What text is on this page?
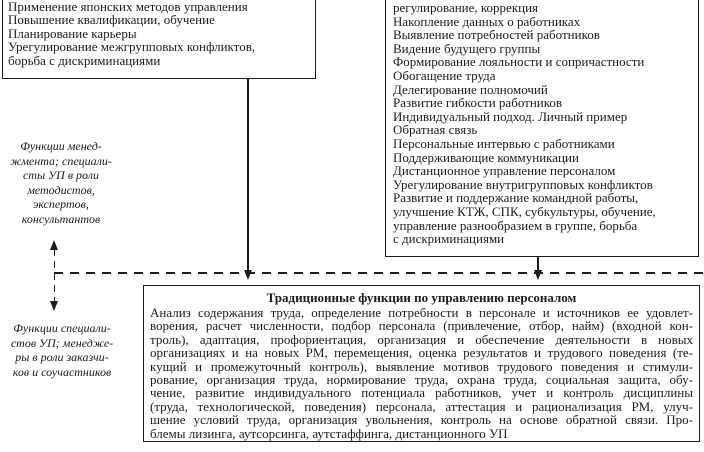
Применение японских методов управления
Повышение квалификации, обучение
Планирование карьеры
Урегулирование межгрупповых конфликтов,
борьба с дискриминациями
регулирование, коррекция
Накопление данных о работниках
Выявление потребностей работников
Видение будущего группы
Формирование лояльности и сопричастности
Обогащение труда
Делегирование полномочий
Развитие гибкости работников
Индивидуальный подход. Личный пример
Обратная связь
Персональные интервью с работниками
Поддерживающие коммуникации
Дистанционное управление персоналом
Урегулирование внутригрупповых конфликтов
Развитие и поддержание командной работы,
улучшение КТЖ, СПК, субкультуры, обучение,
управление разнообразием в группе, борьба
с дискриминациями
Функции менед-
жмента; специали-
сты УП в роли
методистов,
экспертов,
консультантов
Функции специали-
стов УП; менедже-
ры в роли заказчи-
ков и соучастников
Традиционные функции по управлению персоналом
Анализ содержания труда, определение потребности в персонале и источников ее удовлет-
ворения, расчет численности, подбор персонала (привлечение, отбор, найм) (входной кон-
троль), адаптация, профориентация, организация и обеспечение деятельности в новых
организациях и на новых РМ, перемещения, оценка результатов и трудового поведения (те-
кущий и промежуточный контроль), выявление мотивов трудового поведения и стимули-
рование, организация труда, нормирование труда, охрана труда, социальная защита, обу-
чение, развитие индивидуального потенциала работников, учет и контроль дисциплины
(труда, технологической, поведения) персонала, аттестация и рационализация РМ, улуч-
шение условий труда, организация увольнения, контроль на основе обратной связи. Про-
блемы лизинга, аутсорсинга, аутстаффинга, дистанционного УП
